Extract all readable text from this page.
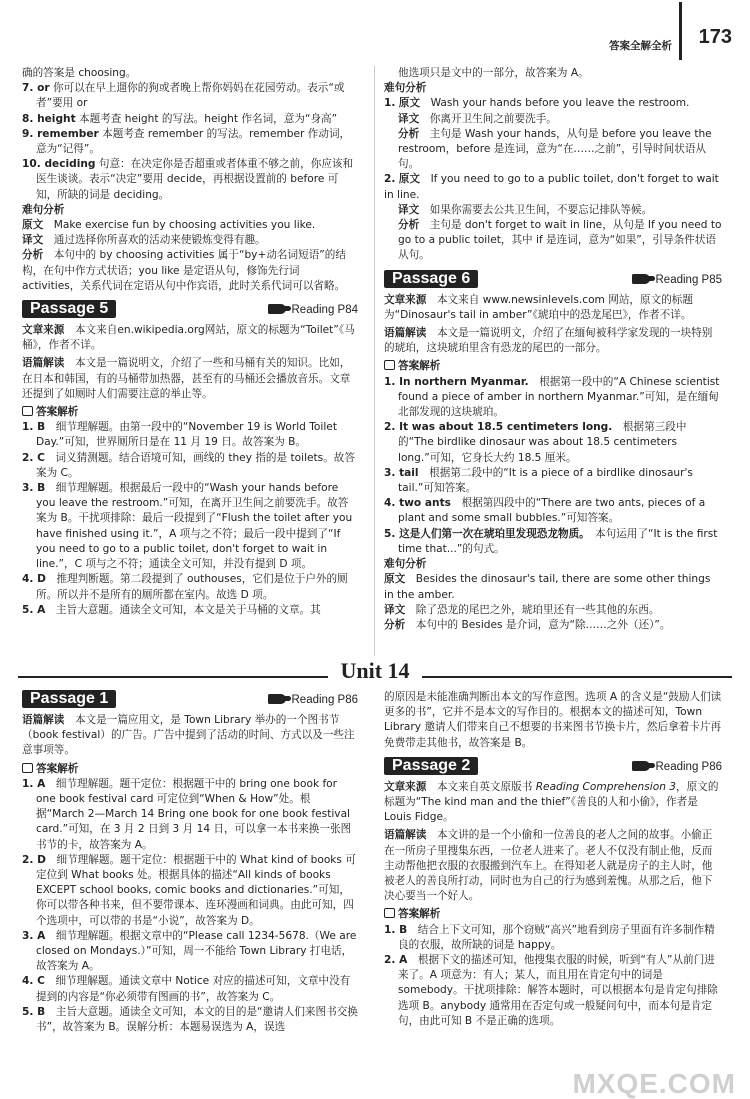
答案全解全析 173

确的答案是 choosing。

7. or 你可以在早上遛你的狗或者晚上帮你妈妈在花园劳动。表示“或者”要用 or

8. height 本题考查 height 的写法。height 作名词，意为“身高”

9. remember 本题考查 remember 的写法。remember 作动词，意为“记得”。

10. deciding 句意：在决定你是否超重或者体重不够之前，你应该和医生谈谈。表示“决定”要用 decide，再根据设置前的 before 可知，所缺的词是 deciding。

难句分析

原文　 Make exercise fun by choosing activities you like.

译文　 通过选择你所喜欢的活动来使锻炼变得有趣。

分析　 本句中的 by choosing activities 属于“by+动名词短语”的结构，在句中作方式状语；you like 是定语从句，修饰先行词 activities，关系代词在定语从句中作宾语，此时关系代词可以省略。

Passage 5	Reading P84

文章来源　 本文来自en.wikipedia.org网站，原文的标题为“Toilet”《马桶》，作者不详。

语篇解读　 本文是一篇说明文，介绍了一些和马桶有关的知识。比如，在日本和韩国，有的马桶带加热器，甚至有的马桶还会播放音乐。文章还提到了如厕时人们需要注意的举止等。

答案解析

1. B　 细节理解题。由第一段中的“November 19 is World Toilet Day.”可知，世界厕所日是在 11 月 19 日。故答案为 B。

2. C　 词义猜测题。结合语境可知，画线的 they 指的是 toilets。故答案为 C。

3. B　 细节理解题。根据最后一段中的“Wash your hands before you leave the restroom.”可知，在离开卫生间之前要洗手。故答案为 B。干扰项排除：最后一段提到了“Flush the toilet after you have finished using it.”，A 项与之不符；最后一段中提到了“If you need to go to a public toilet, don't forget to wait in line.”，C 项与之不符；通读全文可知，并没有提到 D 项。

4. D　 推理判断题。第二段提到了 outhouses，它们是位于户外的厕所。所以并不是所有的厕所都在室内。故选 D 项。

5. A　 主旨大意题。通读全文可知，本文是关于马桶的文章。其

他选项只是文中的一部分，故答案为 A。

难句分析

1. 原文　 Wash your hands before you leave the restroom.

译文　 你离开卫生间之前要洗手。

分析　 主句是 Wash your hands，从句是 before you leave the restroom，before 是连词，意为“在……之前”，引导时间状语从句。

2. 原文　 If you need to go to a public toilet, don't forget to wait in line.

译文　 如果你需要去公共卫生间，不要忘记排队等候。

分析　 主句是 don't forget to wait in line，从句是 If you need to go to a public toilet，其中 if 是连词，意为“如果”，引导条件状语从句。

Passage 6	Reading P85

文章来源　 本文来自 www.newsinlevels.com 网站，原文的标题为“Dinosaur's tail in amber”《琥珀中的恐龙尾巴》，作者不详。

语篇解读　 本文是一篇说明文，介绍了在缅甸被科学家发现的一块特别的琥珀，这块琥珀里含有恐龙的尾巴的一部分。

答案解析

1. In northern Myanmar.　 根据第一段中的“A Chinese scientist found a piece of amber in northern Myanmar.”可知，是在缅甸北部发现的这块琥珀。

2. It was about 18.5 centimeters long.　 根据第三段中的“The birdlike dinosaur was about 18.5 centimeters long.”可知，它身长大约 18.5 厘米。

3. tail　 根据第二段中的“It is a piece of a birdlike dinosaur's tail.”可知答案。

4. two ants　 根据第四段中的“There are two ants, pieces of a plant and some small bubbles.”可知答案。

5. 这是人们第一次在琥珀里发现恐龙物质。　 本句运用了“It is the first time that...”的句式。

难句分析

原文　 Besides the dinosaur's tail, there are some other things in the amber.

译文　 除了恐龙的尾巴之外，琥珀里还有一些其他的东西。

分析　 本句中的 Besides 是介词，意为“除……之外（还）”。

Unit 14
Passage 1	Reading P86

语篇解读　 本文是一篇应用文，是 Town Library 举办的一个图书节（book festival）的广告。广告中提到了活动的时间、方式以及一些注意事项等。

答案解析

1. A　 细节理解题。题干定位：根据题干中的 bring one book for one book festival card 可定位到“When & How”处。根据“March 2—March 14 Bring one book for one book festival card.”可知，在 3 月 2 日到 3 月 14 日，可以拿一本书来换一张图书节的卡，故答案为 A。

2. D　 细节理解题。题干定位：根据题干中的 What kind of books 可定位到 What books 处。根据具体的描述“All kinds of books EXCEPT school books, comic books and dictionaries.”可知，你可以带各种书来，但不要带课本、连环漫画和词典。由此可知，四个选项中，可以带的书是“小说”，故答案为 D。

3. A　 细节理解题。根据文章中的“Please call 1234-5678.（We are closed on Mondays.）”可知，周一不能给 Town Library 打电话，故答案为 A。

4. C　 细节理解题。通读文章中 Notice 对应的描述可知，文章中没有提到的内容是“你必须带有图画的书”，故答案为 C。

5. B　 主旨大意题。通读全文可知，本文的目的是“邀请人们来图书交换书”，故答案为 B。误解分析：本题易误选为 A，误选

的原因是未能准确判断出本文的写作意图。选项 A 的含义是“鼓励人们读更多的书”，它并不是本文的写作目的。根据本文的描述可知，Town Library 邀请人们带来自己不想要的书来图书节换卡片，然后拿着卡片再免费带走其他书，故答案是 B。

Passage 2	Reading P86

文章来源　 本文来自英文原版书 Reading Comprehension 3，原文的标题为“The kind man and the thief”《善良的人和小偷》，作者是 Louis Fidge。

语篇解读　 本文讲的是一个小偷和一位善良的老人之间的故事。小偷正在一所房子里搜集东西，一位老人进来了。老人不仅没有制止他，反而主动帮他把衣服的衣服搬到汽车上。在得知老人就是房子的主人时，他被老人的善良所打动，同时也为自己的行为感到羞愧。从那之后，他下决心要当一个好人。

答案解析

1. B　 结合上下文可知，那个窃贼“高兴”地看到房子里面有许多制作精良的衣服，故所缺的词是 happy。

2. A　 根据下文的描述可知，他搜集衣服的时候，听到“有人”从前门进来了。A 项意为：有人；某人，而且用在肯定句中的词是 somebody。干扰项排除：解答本题时，可以根据本句是肯定句排除选项 B。anybody 通常用在否定句或一般疑问句中，而本句是肯定句，由此可知 B 不是正确的选项。

MXQE.COM
